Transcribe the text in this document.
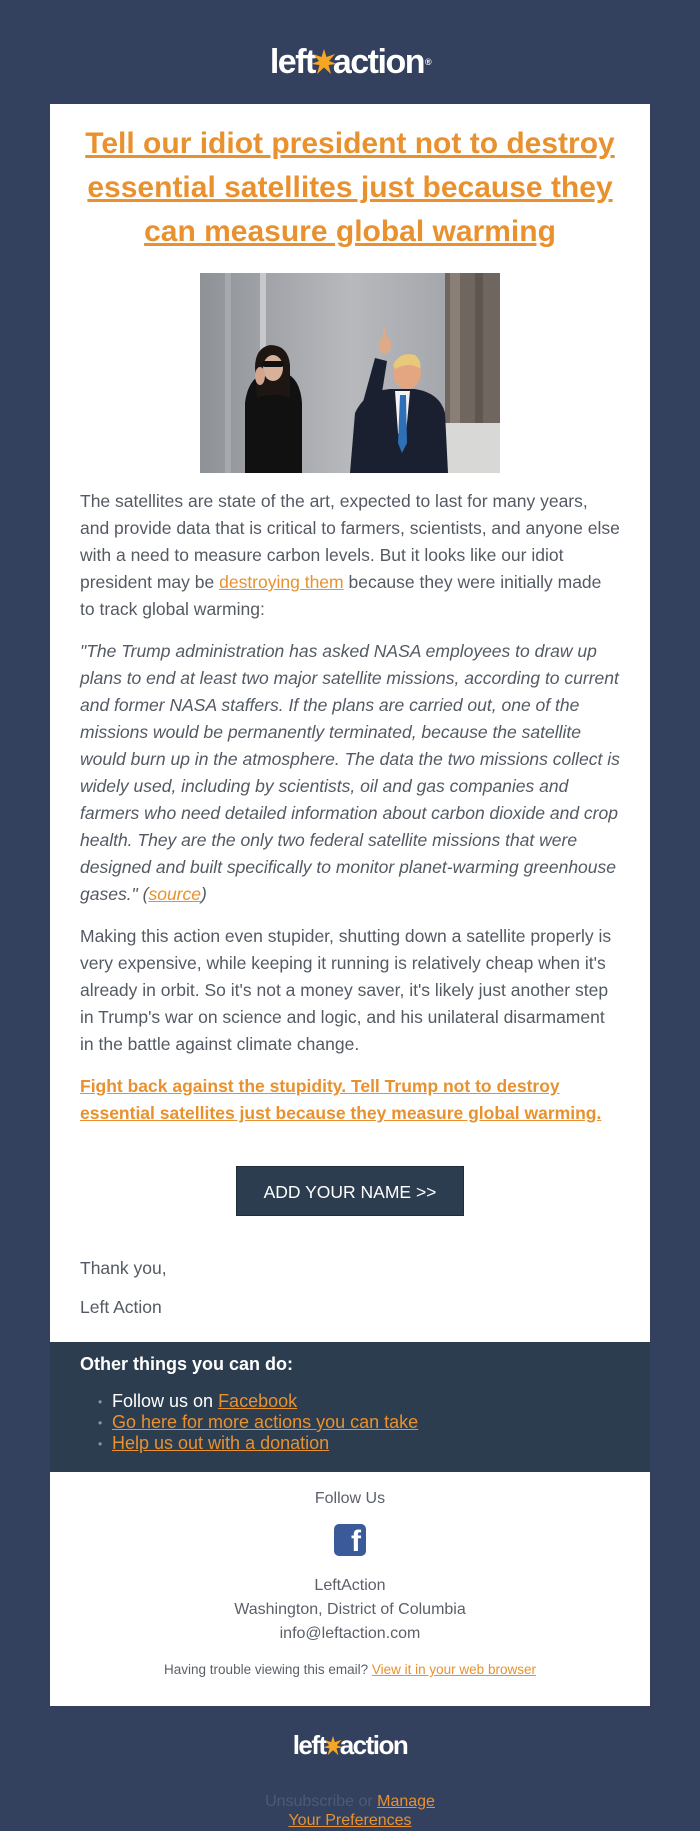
left action ®
Tell our idiot president not to destroy essential satellites just because they can measure global warming

The satellites are state of the art, expected to last for many years, and provide data that is critical to farmers, scientists, and anyone else with a need to measure carbon levels. But it looks like our idiot president may be destroying them because they were initially made to track global warming:

"The Trump administration has asked NASA employees to draw up plans to end at least two major satellite missions, according to current and former NASA staffers. If the plans are carried out, one of the missions would be permanently terminated, because the satellite would burn up in the atmosphere. The data the two missions collect is widely used, including by scientists, oil and gas companies and farmers who need detailed information about carbon dioxide and crop health. They are the only two federal satellite missions that were designed and built specifically to monitor planet-warming greenhouse gases." (source)

Making this action even stupider, shutting down a satellite properly is very expensive, while keeping it running is relatively cheap when it's already in orbit. So it's not a money saver, it's likely just another step in Trump's war on science and logic, and his unilateral disarmament in the battle against climate change.

Fight back against the stupidity. Tell Trump not to destroy essential satellites just because they measure global warming.

ADD YOUR NAME >>

Thank you,

Left Action

Other things you can do:
• Follow us on Facebook
• Go here for more actions you can take
• Help us out with a donation
Follow Us
f
LeftAction
Washington, District of Columbia
info@leftaction.com
Having trouble viewing this email? View it in your web browser
left action
Unsubscribe or Manage
Your Preferences
